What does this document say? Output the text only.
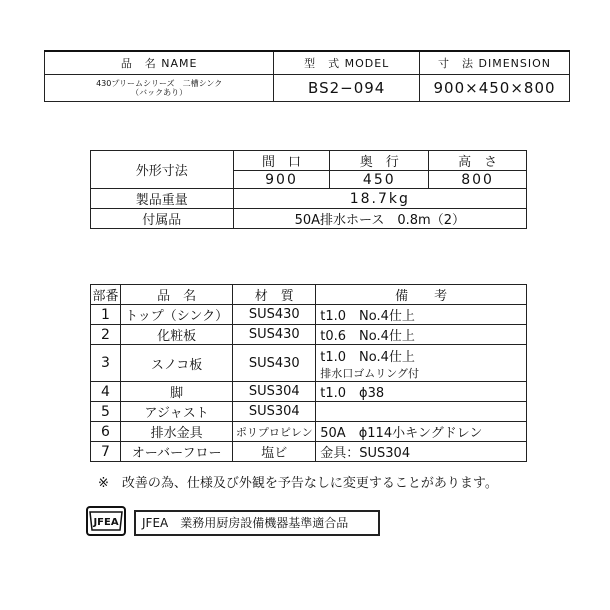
品　名 NAME	型　式 MODEL	寸　法 DIMENSION

430プリームシリーズ　二槽シンク
（バックあり）	BS2−094	900×450×800
外形寸法	間　口	奥　行	高　さ
	900	450	800
製品重量	18.7kg		
付属品	50A排水ホース　0.8m（2）		
部番	品　名	材　質	備　　考
1	トップ（シンク）	SUS430	t1.0　No.4仕上
2	化粧板	SUS430	t0.6　No.4仕上
3	スノコ板	SUS430	t1.0　No.4仕上
排水口ゴムリング付

4	脚	SUS304	t1.0　ϕ38
5	アジャスト	SUS304	
6	排水金具	ポリプロピレン	50A　ϕ114小キングドレン
7	オーバーフロー	塩ビ	金具：SUS304
※　改善の為、仕様及び外観を予告なしに変更することがあります。
JFEA	JFEA　業務用厨房設備機器基準適合品
